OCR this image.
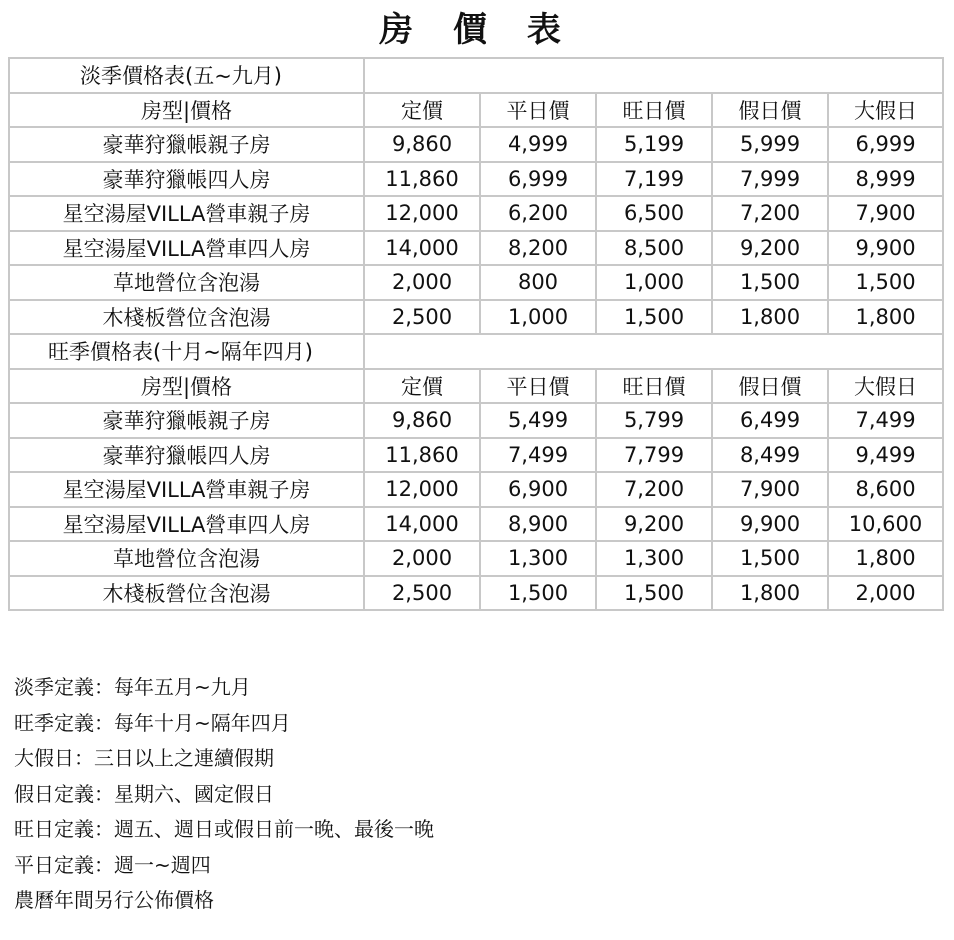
房 價 表
淡季價格表(五~九月)					
房型|價格	定價	平日價	旺日價	假日價	大假日
豪華狩獵帳親子房	9,860	4,999	5,199	5,999	6,999
豪華狩獵帳四人房	11,860	6,999	7,199	7,999	8,999
星空湯屋VILLA營車親子房	12,000	6,200	6,500	7,200	7,900
星空湯屋VILLA營車四人房	14,000	8,200	8,500	9,200	9,900
草地營位含泡湯	2,000	800	1,000	1,500	1,500
木棧板營位含泡湯	2,500	1,000	1,500	1,800	1,800
旺季價格表(十月~隔年四月)					
房型|價格	定價	平日價	旺日價	假日價	大假日
豪華狩獵帳親子房	9,860	5,499	5,799	6,499	7,499
豪華狩獵帳四人房	11,860	7,499	7,799	8,499	9,499
星空湯屋VILLA營車親子房	12,000	6,900	7,200	7,900	8,600
星空湯屋VILLA營車四人房	14,000	8,900	9,200	9,900	10,600
草地營位含泡湯	2,000	1,300	1,300	1,500	1,800
木棧板營位含泡湯	2,500	1,500	1,500	1,800	2,000
淡季定義：每年五月~九月
旺季定義：每年十月~隔年四月
大假日：三日以上之連續假期
假日定義：星期六、國定假日
旺日定義：週五、週日或假日前一晚、最後一晚
平日定義：週一~週四
農曆年間另行公佈價格
